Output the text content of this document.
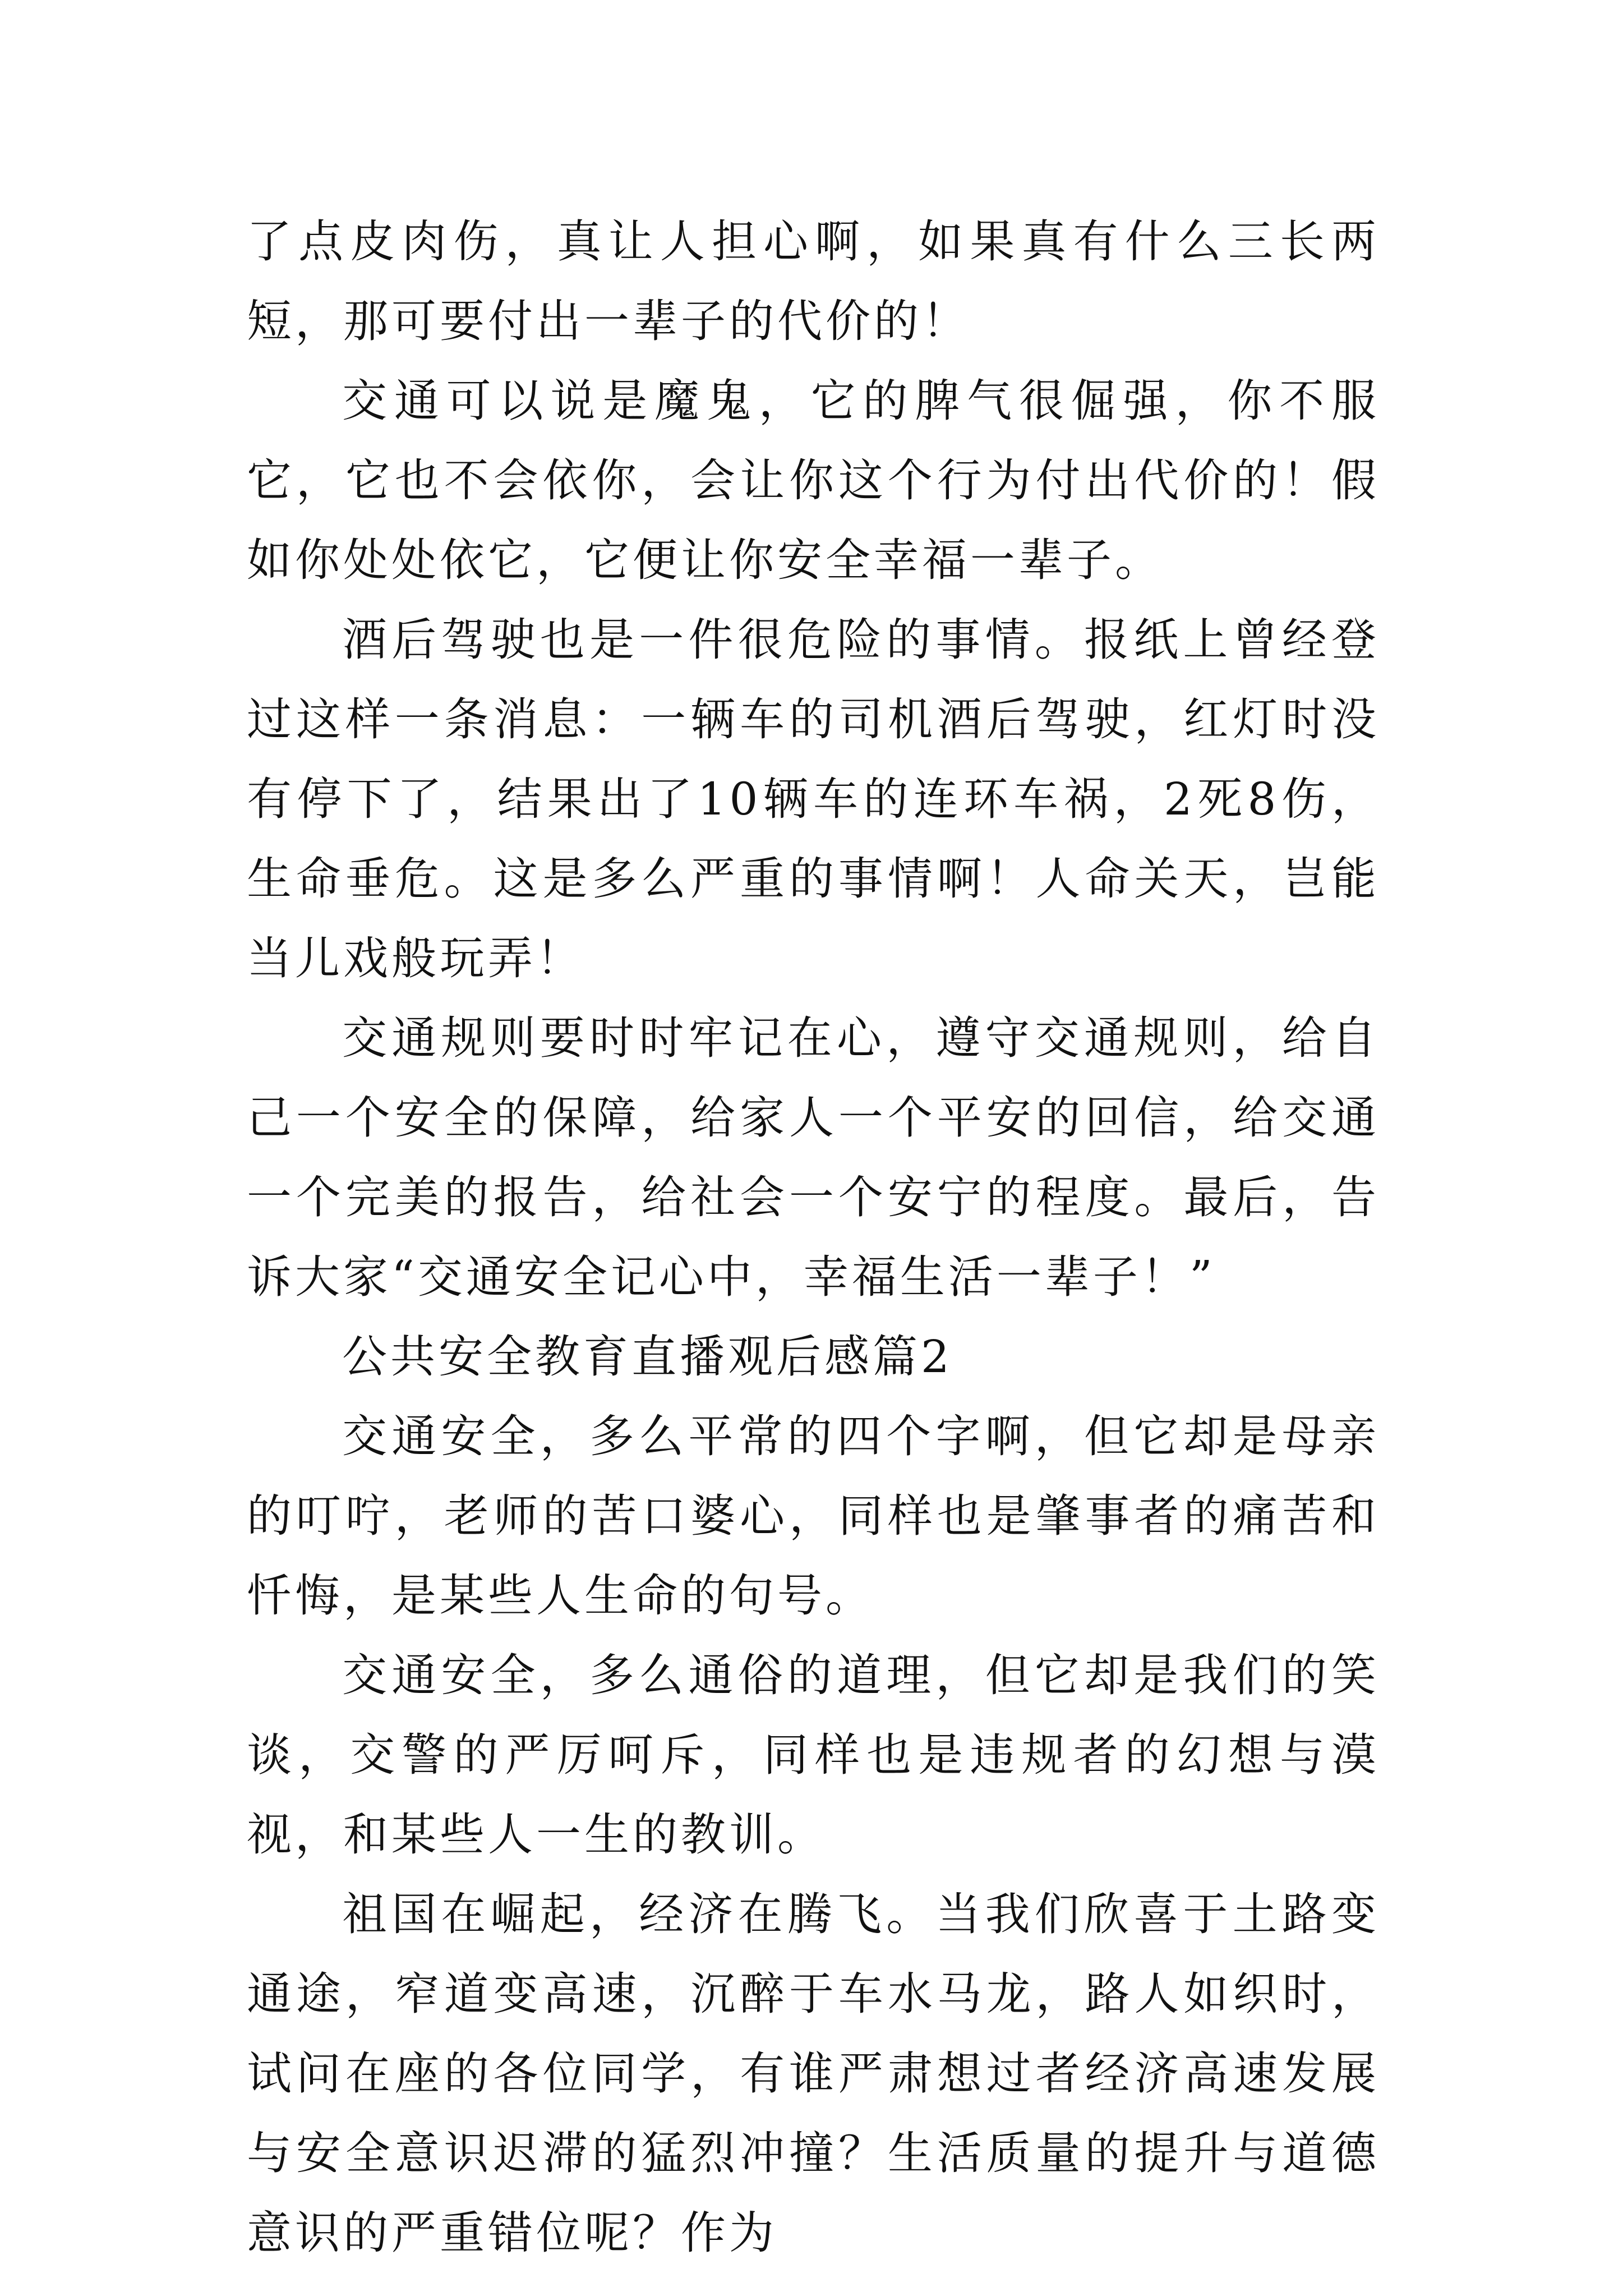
了点皮肉伤，真让人担心啊，如果真有什么三长两短，那可要付出一辈子的代价的！

交通可以说是魔鬼，它的脾气很倔强，你不服它，它也不会依你，会让你这个行为付出代价的！假如你处处依它，它便让你安全幸福一辈子。

酒后驾驶也是一件很危险的事情。报纸上曾经登过这样一条消息：一辆车的司机酒后驾驶，红灯时没有停下了，结果出了10辆车的连环车祸，2死8伤，生命垂危。这是多么严重的事情啊！人命关天，岂能当儿戏般玩弄！

交通规则要时时牢记在心，遵守交通规则，给自己一个安全的保障，给家人一个平安的回信，给交通一个完美的报告，给社会一个安宁的程度。最后，告诉大家“交通安全记心中，幸福生活一辈子！”

公共安全教育直播观后感篇2

交通安全，多么平常的四个字啊，但它却是母亲的叮咛，老师的苦口婆心，同样也是肇事者的痛苦和忏悔，是某些人生命的句号。

交通安全，多么通俗的道理，但它却是我们的笑谈，交警的严厉呵斥，同样也是违规者的幻想与漠视，和某些人一生的教训。

祖国在崛起，经济在腾飞。当我们欣喜于土路变通途，窄道变高速，沉醉于车水马龙，路人如织时，试问在座的各位同学，有谁严肃想过者经济高速发展与安全意识迟滞的猛烈冲撞？生活质量的提升与道德意识的严重错位呢？作为
